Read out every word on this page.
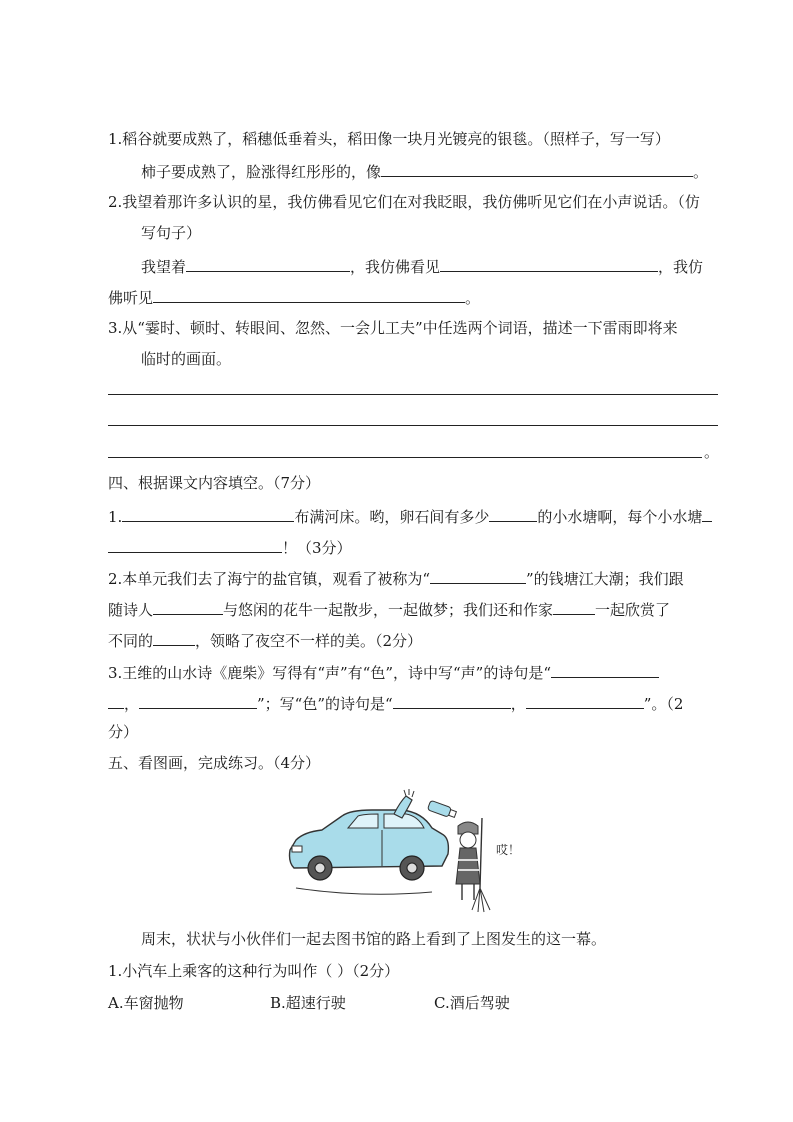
1.稻谷就要成熟了，稻穗低垂着头，稻田像一块月光镀亮的银毯。（照样子，写一写）
柿子要成熟了，脸涨得红彤彤的，像	。
2.我望着那许多认识的星，我仿佛看见它们在对我眨眼，我仿佛听见它们在小声说话。（仿
写句子）
我望着	，我仿佛看见	，我仿
佛听见	。
3.从“霎时、顿时、转眼间、忽然、一会儿工夫”中任选两个词语，描述一下雷雨即将来
临时的画面。
。
四、根据课文内容填空。（7分）
1.	布满河床。哟，卵石间有多少	的小水塘啊，每个小水塘
！（3分）
2.本单元我们去了海宁的盐官镇，观看了被称为“	”的钱塘江大潮；我们跟
随诗人	与悠闲的花牛一起散步，一起做梦；我们还和作家	一起欣赏了
不同的	，领略了夜空不一样的美。（2分）
3.王维的山水诗《鹿柴》写得有“声”有“色”，诗中写“声”的诗句是“
，	”；写“色”的诗句是“	，	”。（2
分）
五、看图画，完成练习。（4分）
哎！
周末，状状与小伙伴们一起去图书馆的路上看到了上图发生的这一幕。
1.小汽车上乘客的这种行为叫作（ ）（2分）
A.车窗抛物	B.超速行驶	C.酒后驾驶
